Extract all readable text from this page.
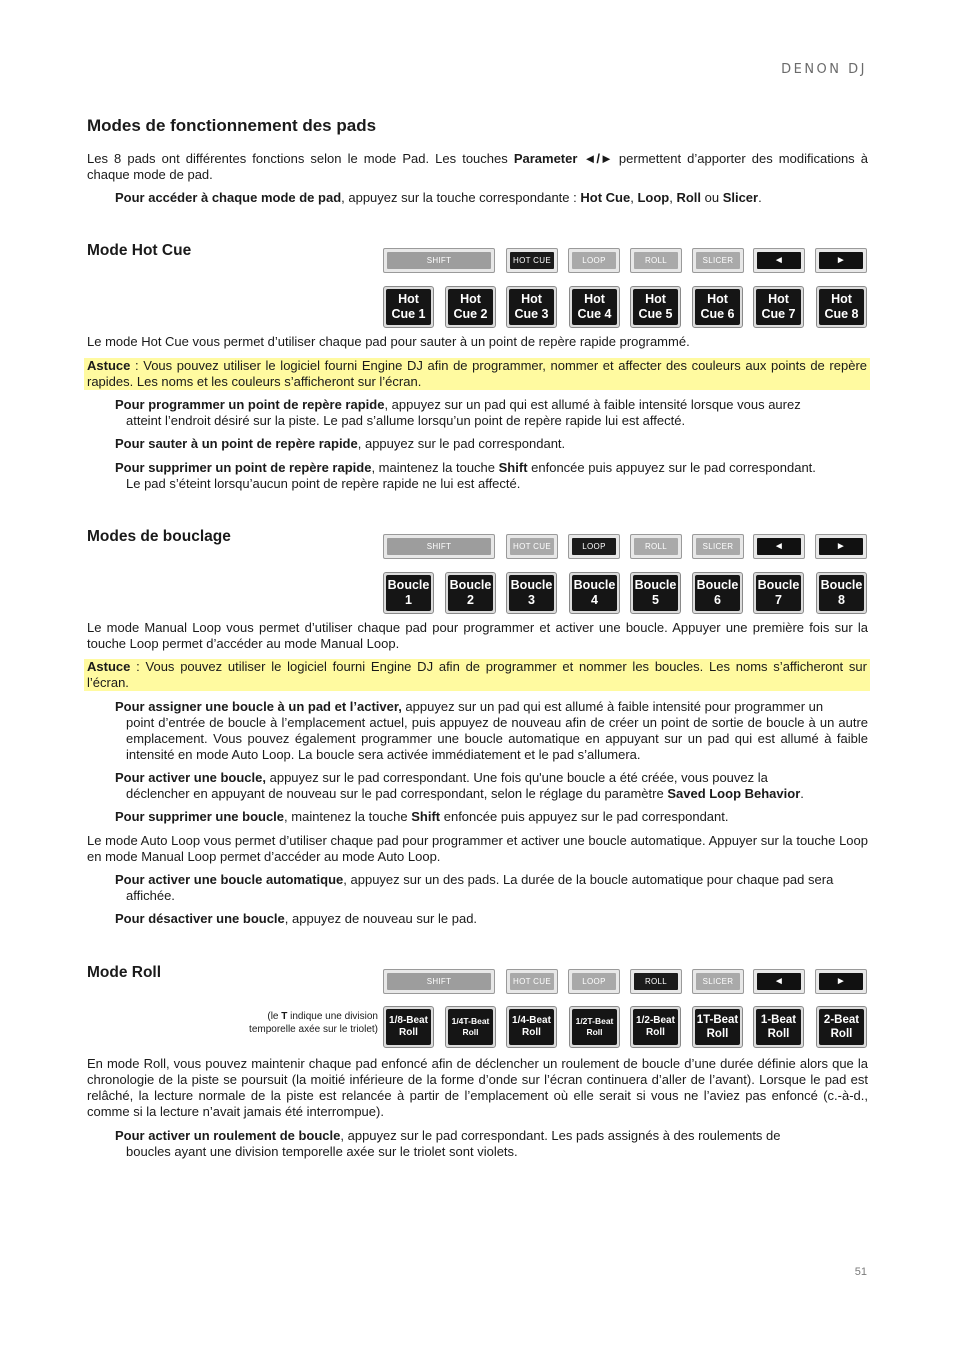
DENON DJ
Modes de fonctionnement des pads

Les 8 pads ont différentes fonctions selon le mode Pad. Les touches Parameter ◄/► permettent d’apporter des modifications à chaque mode de pad.

Pour accéder à chaque mode de pad, appuyez sur la touche correspondante : Hot Cue, Loop, Roll ou Slicer.

Mode Hot Cue
SHIFT	HOT CUE	LOOP	ROLL	SLICER	◄	►
Hot
Cue 1
Hot
Cue 2
Hot
Cue 3
Hot
Cue 4
Hot
Cue 5
Hot
Cue 6
Hot
Cue 7
Hot
Cue 8

Le mode Hot Cue vous permet d’utiliser chaque pad pour sauter à un point de repère rapide programmé.

Astuce : Vous pouvez utiliser le logiciel fourni Engine DJ afin de programmer, nommer et affecter des couleurs aux points de repère rapides. Les noms et les couleurs s’afficheront sur l’écran.

Pour programmer un point de repère rapide, appuyez sur un pad qui est allumé à faible intensité lorsque vous aurez
atteint l’endroit désiré sur la piste. Le pad s’allume lorsqu’un point de repère rapide lui est affecté.

Pour sauter à un point de repère rapide, appuyez sur le pad correspondant.

Pour supprimer un point de repère rapide, maintenez la touche Shift enfoncée puis appuyez sur le pad correspondant.
Le pad s’éteint lorsqu’aucun point de repère rapide ne lui est affecté.

Modes de bouclage
SHIFT	HOT CUE	LOOP	ROLL	SLICER	◄	►
Boucle
1
Boucle
2
Boucle
3
Boucle
4
Boucle
5
Boucle
6
Boucle
7
Boucle
8

Le mode Manual Loop vous permet d’utiliser chaque pad pour programmer et activer une boucle. Appuyer une première fois sur la touche Loop permet d’accéder au mode Manual Loop.

Astuce : Vous pouvez utiliser le logiciel fourni Engine DJ afin de programmer et nommer les boucles. Les noms s’afficheront sur l’écran.

Pour assigner une boucle à un pad et l’activer, appuyez sur un pad qui est allumé à faible intensité pour programmer un
point d’entrée de boucle à l’emplacement actuel, puis appuyez de nouveau afin de créer un point de sortie de boucle à un autre emplacement. Vous pouvez également programmer une boucle automatique en appuyant sur un pad qui est allumé à faible intensité en mode Auto Loop. La boucle sera activée immédiatement et le pad s’allumera.

Pour activer une boucle, appuyez sur le pad correspondant. Une fois qu'une boucle a été créée, vous pouvez la
déclencher en appuyant de nouveau sur le pad correspondant, selon le réglage du paramètre Saved Loop Behavior.

Pour supprimer une boucle, maintenez la touche Shift enfoncée puis appuyez sur le pad correspondant.

Le mode Auto Loop vous permet d’utiliser chaque pad pour programmer et activer une boucle automatique. Appuyer sur la touche Loop en mode Manual Loop permet d’accéder au mode Auto Loop.

Pour activer une boucle automatique, appuyez sur un des pads. La durée de la boucle automatique pour chaque pad sera
affichée.

Pour désactiver une boucle, appuyez de nouveau sur le pad.

Mode Roll
SHIFT	HOT CUE	LOOP	ROLL	SLICER	◄	►
(le T indique une division
temporelle axée sur le triolet)
1/8-Beat
Roll
1/4T-Beat
Roll
1/4-Beat
Roll
1/2T-Beat
Roll
1/2-Beat
Roll
1T-Beat
Roll
1-Beat
Roll
2-Beat
Roll

En mode Roll, vous pouvez maintenir chaque pad enfoncé afin de déclencher un roulement de boucle d’une durée définie alors que la chronologie de la piste se poursuit (la moitié inférieure de la forme d’onde sur l’écran continuera d’aller de l’avant). Lorsque le pad est relâché, la lecture normale de la piste est relancée à partir de l’emplacement où elle serait si vous ne l’aviez pas enfoncé (c.-à-d., comme si la lecture n’avait jamais été interrompue).

Pour activer un roulement de boucle, appuyez sur le pad correspondant. Les pads assignés à des roulements de
boucles ayant une division temporelle axée sur le triolet sont violets.

51
